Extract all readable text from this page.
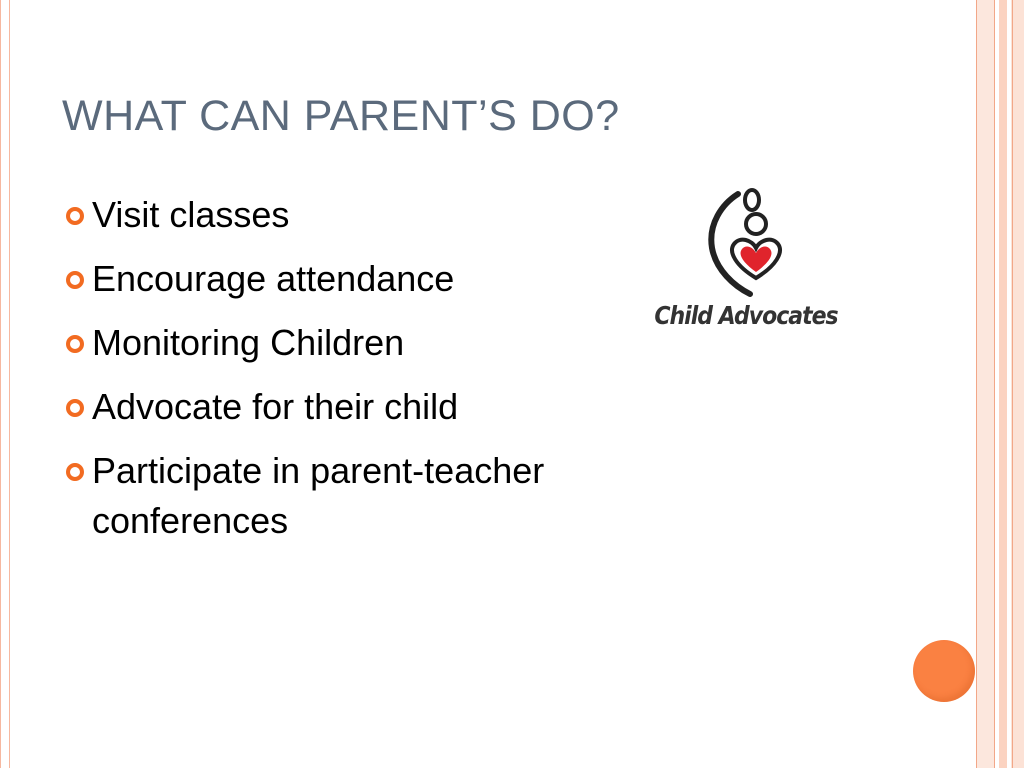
WHAT CAN PARENT’S DO?
Visit classes
Encourage attendance
Monitoring Children
Advocate for their child
Participate in parent-teacher conferences
Child Advocates
